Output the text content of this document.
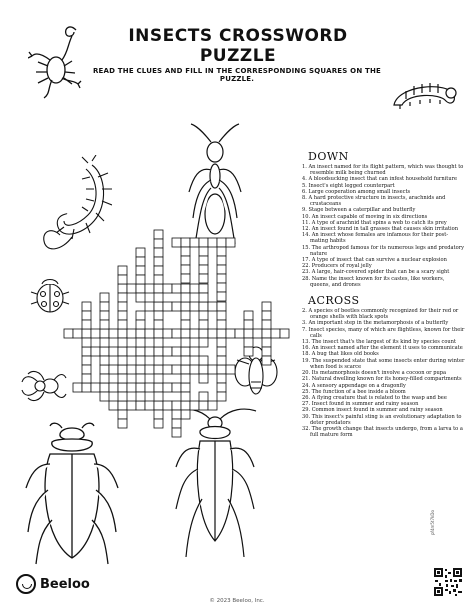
INSECTS CROSSWORD PUZZLE
READ THE CLUES AND FILL IN THE CORRESPONDING SQUARES ON THE PUZZLE.
DOWN
1. An insect named for its flight pattern, which was thought to resemble milk being churned
4. A bloodsucking insect that can infest household furniture
5. Insect's eight legged counterpart
6. Large cooperation among small insects
8. A hard protective structure in insects, arachnids and crustaceans
9. Stage between a caterpillar and butterfly
10. An insect capable of moving in six directions
11. A type of arachnid that spins a web to catch its prey
12. An insect found in tall grasses that causes skin irritation
14. An insect whose females are infamous for their post-mating habits
15. The arthropod famous for its numerous legs and predatory nature
17. A type of insect that can survive a nuclear explosion
22. Producers of royal jelly
23. A large, hair-covered spider that can be a scary sight
28. Name the insect known for its castes, like workers, queens, and drones
ACROSS
2. A species of beetles commonly recognized for their red or orange shells with black spots
3. An important step in the metamorphosis of a butterfly
7. Insect species, many of which are flightless, known for their calls
13. The insect that's the largest of its kind by species count
16. An insect named after the element it uses to communicate
18. A bug that likes old books
19. The suspended state that some insects enter during winter when food is scarce
20. Its metamorphosis doesn't involve a cocoon or pupa
21. Natural dwelling known for its honey-filled compartments
24. A sensory appendage on a dragonfly
25. The function of a bee inside a bloom
26. A flying creature that is related to the wasp and bee
27. Insect found in summer and rainy season
29. Common insect found in summer and rainy season
30. This insect's painful sting is an evolutionary adaptation to deter predators
32. The growth change that insects undergo, from a larva to a full mature form
Beeloo
© 2023 Beeloo, Inc.
pf4m5t7kDo
